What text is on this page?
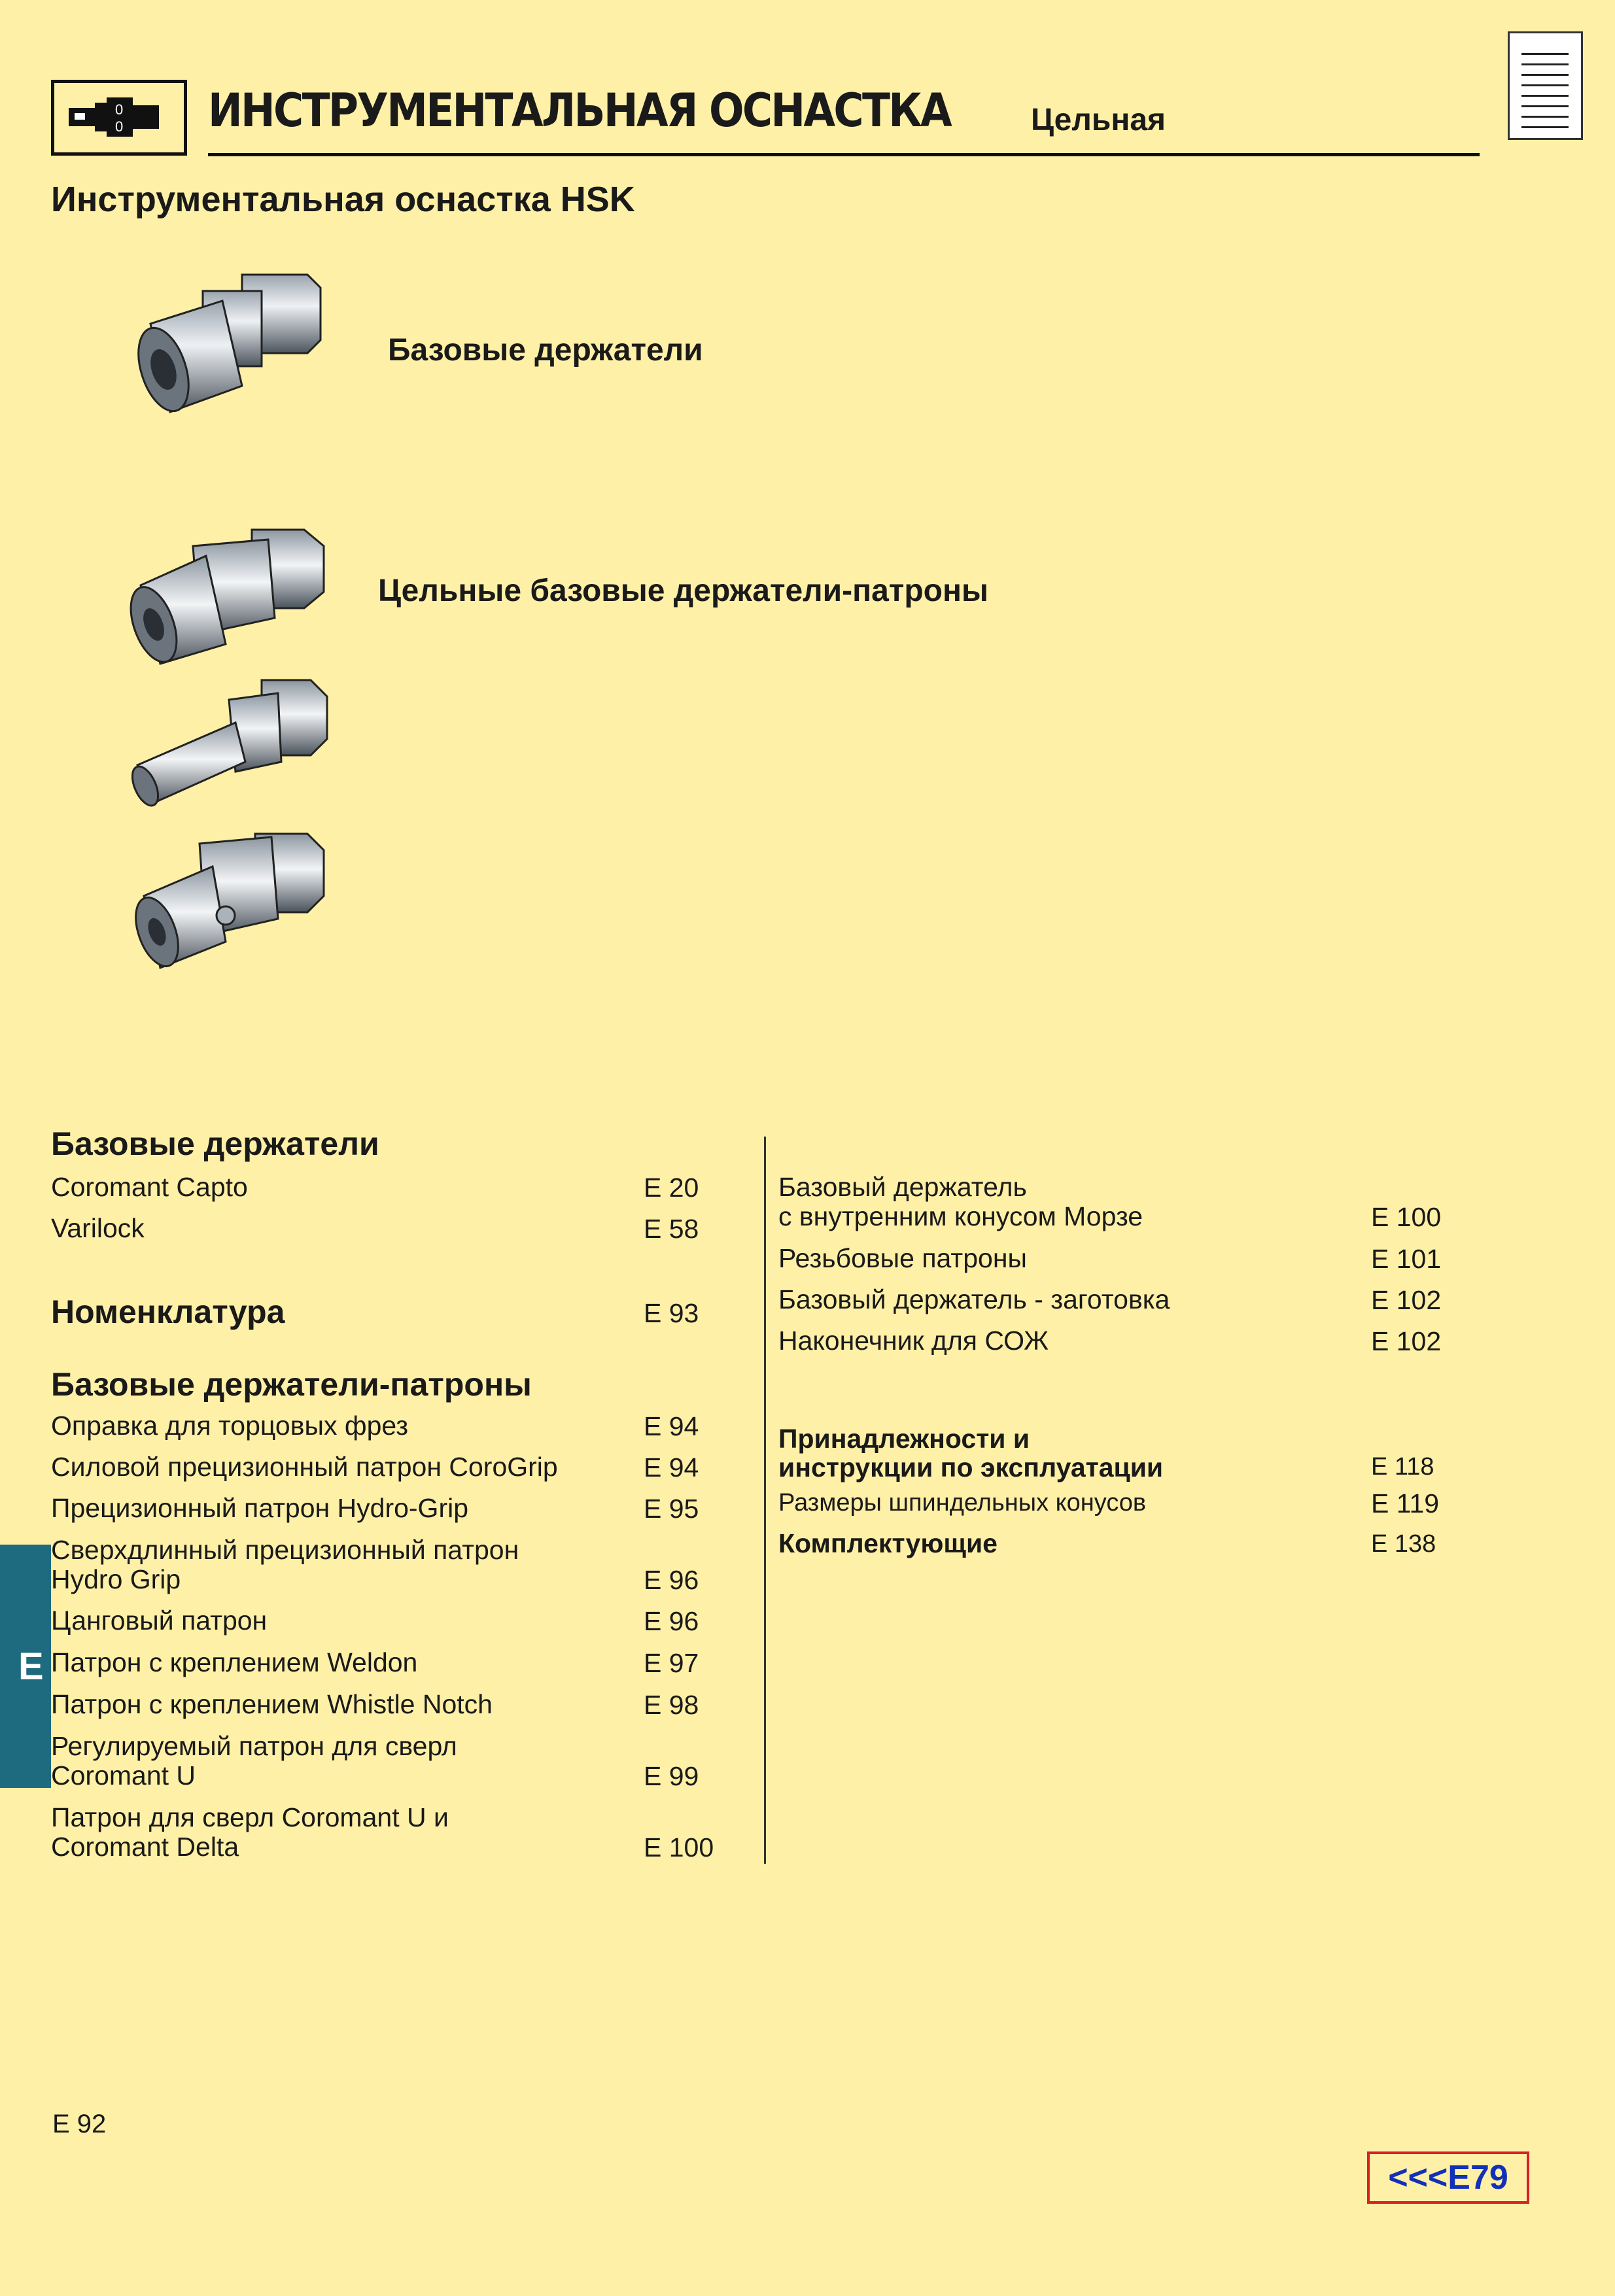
0
0 ИНСТРУМЕНТАЛЬНАЯ ОСНАСТКА	Цельная
Инструментальная оснастка HSK
Базовые держатели
Цельные базовые держатели-патроны
Базовые держатели
Coromant Capto	E 20
Varilock	E 58
Номенклатура	E 93
Базовые держатели-патроны
Оправка для торцовых фрез	E 94
Силовой прецизионный патрон CoroGrip	E 94
Прецизионный патрон Hydro-Grip	E 95
Сверхдлинный прецизионный патрон
Hydro Grip	E 96
Цанговый патрон	E 96
Патрон с креплением Weldon	E 97
Патрон с креплением Whistle Notch	E 98
Регулируемый патрон для сверл
Coromant U	E 99
Патрон для сверл Coromant U и
Coromant Delta	E 100
Базовый держатель
с внутренним конусом Морзе	E 100
Резьбовые патроны	E 101
Базовый держатель - заготовка	E 102
Наконечник для СОЖ	E 102
Принадлежности и
инструкции по эксплуатации	E 118
Размеры шпиндельных конусов	E 119
Комплектующие	E 138
E
E 92
<<<E79
